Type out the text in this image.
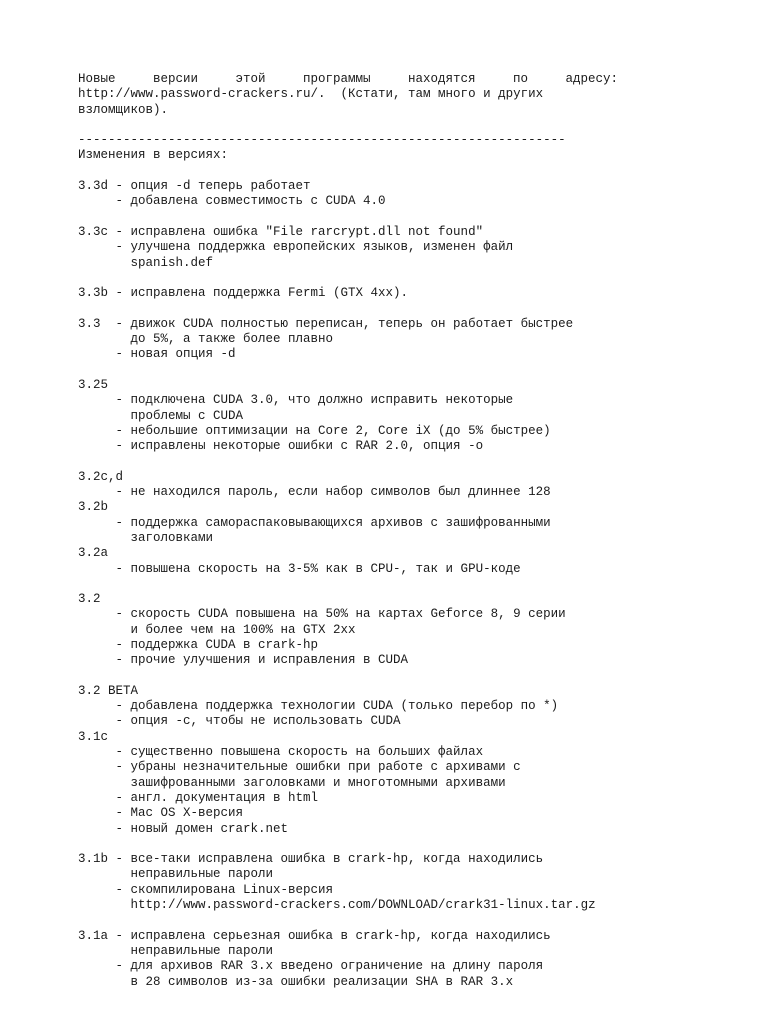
Новые версии этой программы находятся по адресу:
http://www.password-crackers.ru/.  (Кстати, там много и других
взломщиков).
-----------------------------------------------------------------
Изменения в версиях:
3.3d - опция -d теперь работает
- добавлена совместимость с CUDA 4.0

3.3c - исправлена ошибка "File rarcrypt.dll not found"
- улучшена поддержка европейских языков, изменен файл
spanish.def

3.3b - исправлена поддержка Fermi (GTX 4xx).

3.3  - движок CUDA полностью переписан, теперь он работает быстрее
до 5%, а также более плавно
- новая опция -d

3.25
- подключена CUDA 3.0, что должно исправить некоторые
проблемы с CUDA
- небольшие оптимизации на Core 2, Core iX (до 5% быстрее)
- исправлены некоторые ошибки с RAR 2.0, опция -o

3.2c,d
- не находился пароль, если набор символов был длиннее 128
3.2b
- поддержка самораспаковывающихся архивов с зашифрованными
заголовками
3.2a
- повышена скорость на 3-5% как в CPU-, так и GPU-коде

3.2
- скорость CUDA повышена на 50% на картах Geforce 8, 9 серии
и более чем на 100% на GTX 2xx
- поддержка CUDA в crark-hp
- прочие улучшения и исправления в CUDA

3.2 BETA
- добавлена поддержка технологии CUDA (только перебор по *)
- опция -c, чтобы не использовать CUDA
3.1c
- существенно повышена скорость на больших файлах
- убраны незначительные ошибки при работе с архивами с
зашифрованными заголовками и многотомными архивами
- англ. документация в html
- Mac OS X-версия
- новый домен crark.net

3.1b - все-таки исправлена ошибка в crark-hp, когда находились
неправильные пароли
- скомпилирована Linux-версия
http://www.password-crackers.com/DOWNLOAD/crark31-linux.tar.gz

3.1a - исправлена серьезная ошибка в crark-hp, когда находились
неправильные пароли
- для архивов RAR 3.x введено ограничение на длину пароля
в 28 символов из-за ошибки реализации SHA в RAR 3.x
